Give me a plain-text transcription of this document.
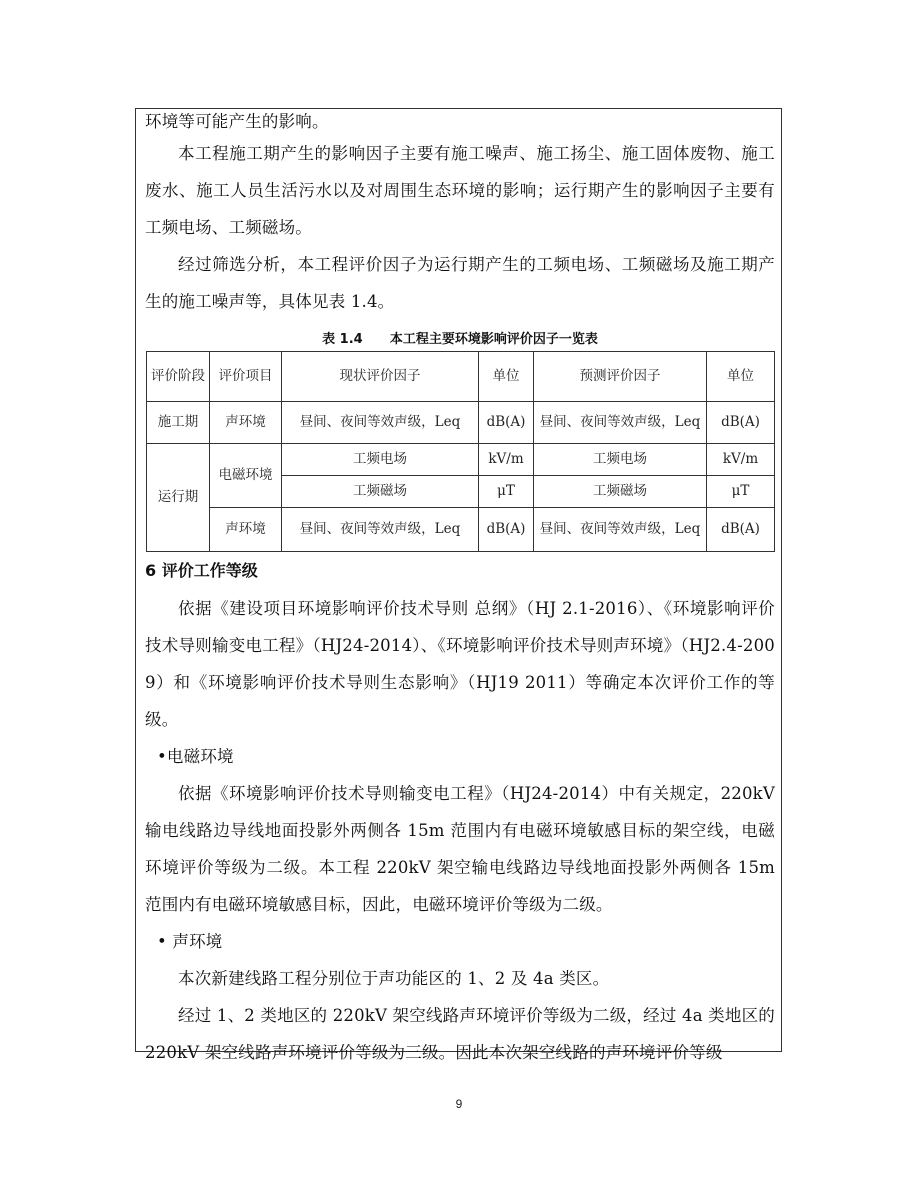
环境等可能产生的影响。

本工程施工期产生的影响因子主要有施工噪声、施工扬尘、施工固体废物、施工废水、施工人员生活污水以及对周围生态环境的影响；运行期产生的影响因子主要有工频电场、工频磁场。

经过筛选分析，本工程评价因子为运行期产生的工频电场、工频磁场及施工期产生的施工噪声等，具体见表 1.4。

表 1.4      本工程主要环境影响评价因子一览表
评价阶段	评价项目	现状评价因子	单位	预测评价因子	单位
施工期	声环境	昼间、夜间等效声级，Leq	dB(A)	昼间、夜间等效声级，Leq	dB(A)
运行期	电磁环境	工频电场	kV/m	工频电场	kV/m
		工频磁场	μT	工频磁场	μT
	声环境	昼间、夜间等效声级，Leq	dB(A)	昼间、夜间等效声级，Leq	dB(A)
6 评价工作等级

依据《建设项目环境影响评价技术导则 总纲》（HJ 2.1-2016）、《环境影响评价技术导则输变电工程》（HJ24-2014）、《环境影响评价技术导则声环境》（HJ2.4-2009）和《环境影响评价技术导则生态影响》（HJ19 2011）等确定本次评价工作的等级。

•电磁环境

依据《环境影响评价技术导则输变电工程》（HJ24-2014）中有关规定，220kV 输电线路边导线地面投影外两侧各 15m 范围内有电磁环境敏感目标的架空线，电磁环境评价等级为二级。本工程 220kV 架空输电线路边导线地面投影外两侧各 15m 范围内有电磁环境敏感目标，因此，电磁环境评价等级为二级。

• 声环境

本次新建线路工程分别位于声功能区的 1、2 及 4a 类区。

经过 1、2 类地区的 220kV 架空线路声环境评价等级为二级，经过 4a 类地区的 220kV 架空线路声环境评价等级为三级。因此本次架空线路的声环境评价等级

9
